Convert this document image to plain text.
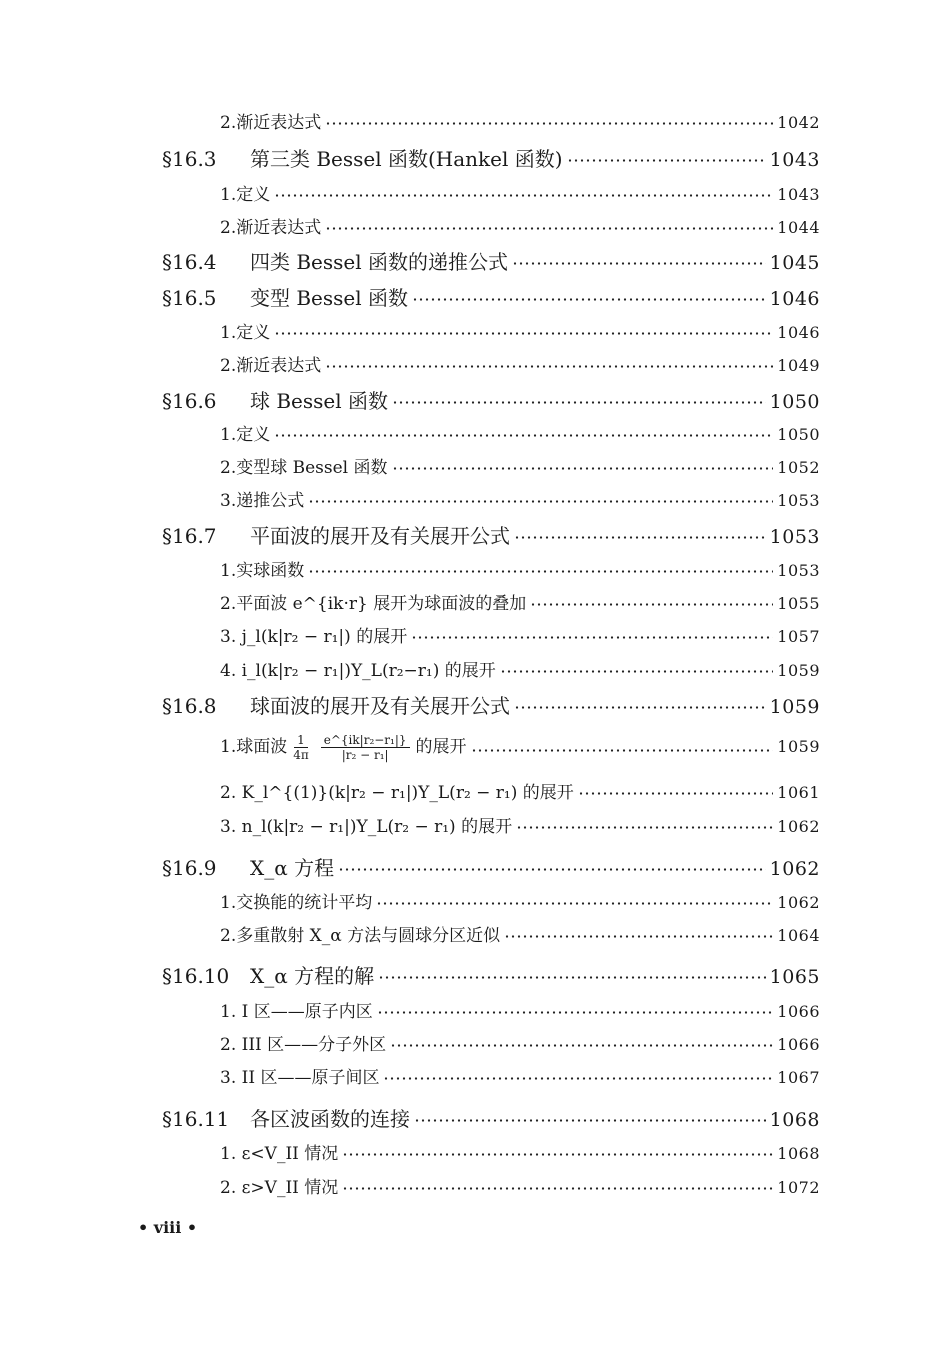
2.渐近表达式	1042
§16.3	第三类 Bessel 函数(Hankel 函数)	1043
1.定义	1043
2.渐近表达式	1044
§16.4	四类 Bessel 函数的递推公式	1045
§16.5	变型 Bessel 函数	1046
1.定义	1046
2.渐近表达式	1049
§16.6	球 Bessel 函数	1050
1.定义	1050
2.变型球 Bessel 函数	1052
3.递推公式	1053
§16.7	平面波的展开及有关展开公式	1053
1.实球函数	1053
2.平面波 e^{ik·r} 展开为球面波的叠加	1055
3. j_l(k|r₂ − r₁|) 的展开	1057
4. i_l(k|r₂ − r₁|)Y_L(r₂−r₁) 的展开	1059
§16.8	球面波的展开及有关展开公式	1059
1.球面波 $\frac{1}{4\pi} \frac{\text{e\textasciicircum{}\{ik|r₂−r₁|\}}}{\text{|r₂ − r₁|}}$ 的展开	1059
2. K_l^{(1)}(k|r₂ − r₁|)Y_L(r₂ − r₁) 的展开	1061
3. n_l(k|r₂ − r₁|)Y_L(r₂ − r₁) 的展开	1062
§16.9	X_α 方程	1062
1.交换能的统计平均	1062
2.多重散射 X_α 方法与圆球分区近似	1064
§16.10	X_α 方程的解	1065
1. I 区——原子内区	1066
2. III 区——分子外区	1066
3. II 区——原子间区	1067
§16.11	各区波函数的连接	1068
1. ε<V_II 情况	1068
2. ε>V_II 情况	1072
• viii •
